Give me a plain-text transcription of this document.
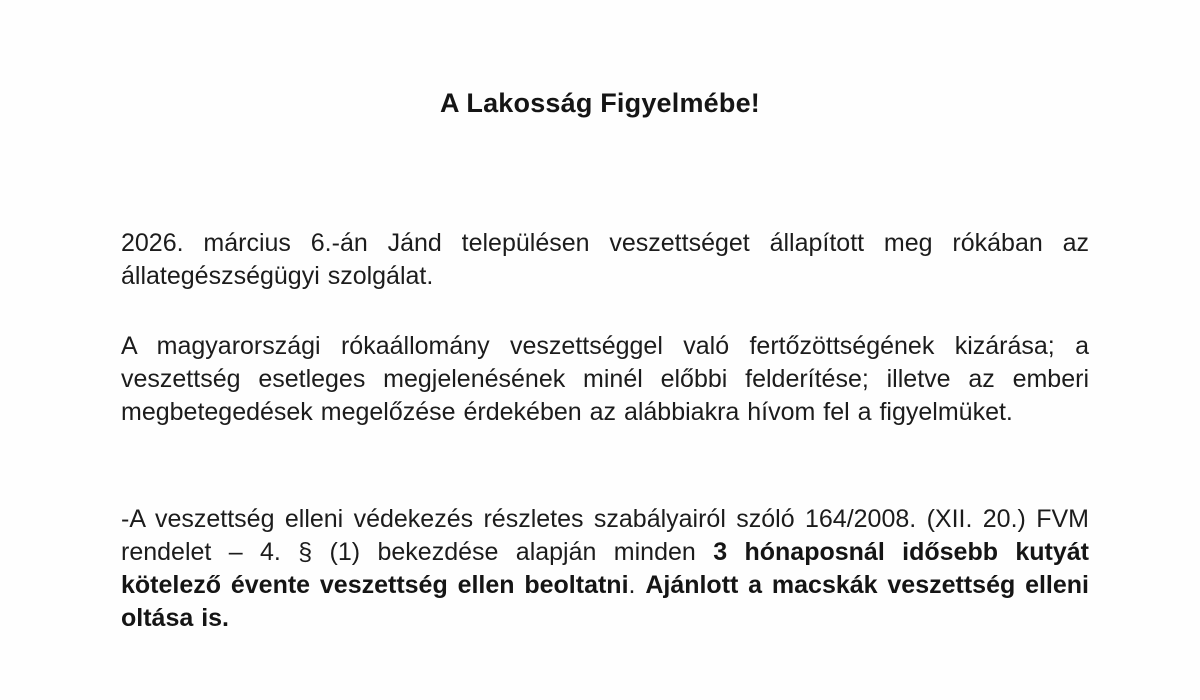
A Lakosság Figyelmébe!

2026. március 6.-án Jánd településen veszettséget állapított meg rókában az állategészségügyi szolgálat.

A magyarországi rókaállomány veszettséggel való fertőzöttségének kizárása; a veszettség esetleges megjelenésének minél előbbi felderítése; illetve az emberi megbetegedések megelőzése érdekében az alábbiakra hívom fel a figyelmüket.

-A veszettség elleni védekezés részletes szabályairól szóló 164/2008. (XII. 20.) FVM rendelet – 4. § (1) bekezdése alapján minden 3 hónaposnál idősebb kutyát kötelező évente veszettség ellen beoltatni. Ajánlott a macskák veszettség elleni oltása is.
